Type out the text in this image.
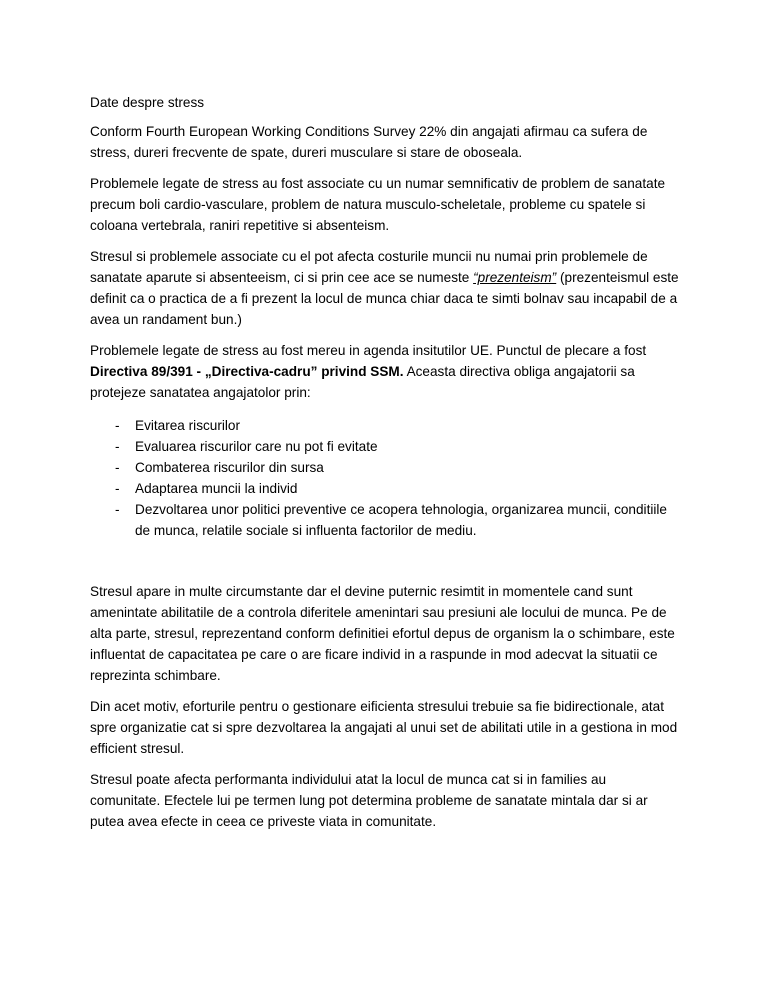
Date despre stress

Conform Fourth European Working Conditions Survey 22% din angajati afirmau ca sufera de stress, dureri frecvente de spate, dureri musculare si stare de oboseala.

Problemele legate de stress au fost associate cu un numar semnificativ de problem de sanatate precum boli cardio-vasculare, problem de natura musculo-scheletale, probleme cu spatele si coloana vertebrala, raniri repetitive si absenteism.

Stresul si problemele associate cu el pot afecta costurile muncii nu numai prin problemele de sanatate aparute si absenteeism, ci si prin cee ace se numeste “prezenteism” (prezenteismul este definit ca o practica de a fi prezent la locul de munca chiar daca te simti bolnav sau incapabil de a avea un randament bun.)

Problemele legate de stress au fost mereu in agenda insitutilor UE. Punctul de plecare a fost Directiva 89/391 - „Directiva-cadru” privind SSM. Aceasta directiva obliga angajatorii sa protejeze sanatatea angajatolor prin:

- Evitarea riscurilor
- Evaluarea riscurilor care nu pot fi evitate
- Combaterea riscurilor din sursa
- Adaptarea muncii la individ
- Dezvoltarea unor politici preventive ce acopera tehnologia, organizarea muncii, conditiile de munca, relatile sociale si influenta factorilor de mediu.

Stresul apare in multe circumstante dar el devine puternic resimtit in momentele cand sunt amenintate abilitatile de a controla diferitele amenintari sau presiuni ale locului de munca. Pe de alta parte, stresul, reprezentand conform definitiei efortul depus de organism la o schimbare, este influentat de capacitatea pe care o are ficare individ in a raspunde in mod adecvat la situatii ce reprezinta schimbare.

Din acet motiv, eforturile pentru o gestionare eificienta stresului trebuie sa fie bidirectionale, atat spre organizatie cat si spre dezvoltarea la angajati al unui set de abilitati utile in a gestiona in mod efficient stresul.

Stresul poate afecta performanta individului atat la locul de munca cat si in families au comunitate. Efectele lui pe termen lung pot determina probleme de sanatate mintala dar si ar putea avea efecte in ceea ce priveste viata in comunitate.
